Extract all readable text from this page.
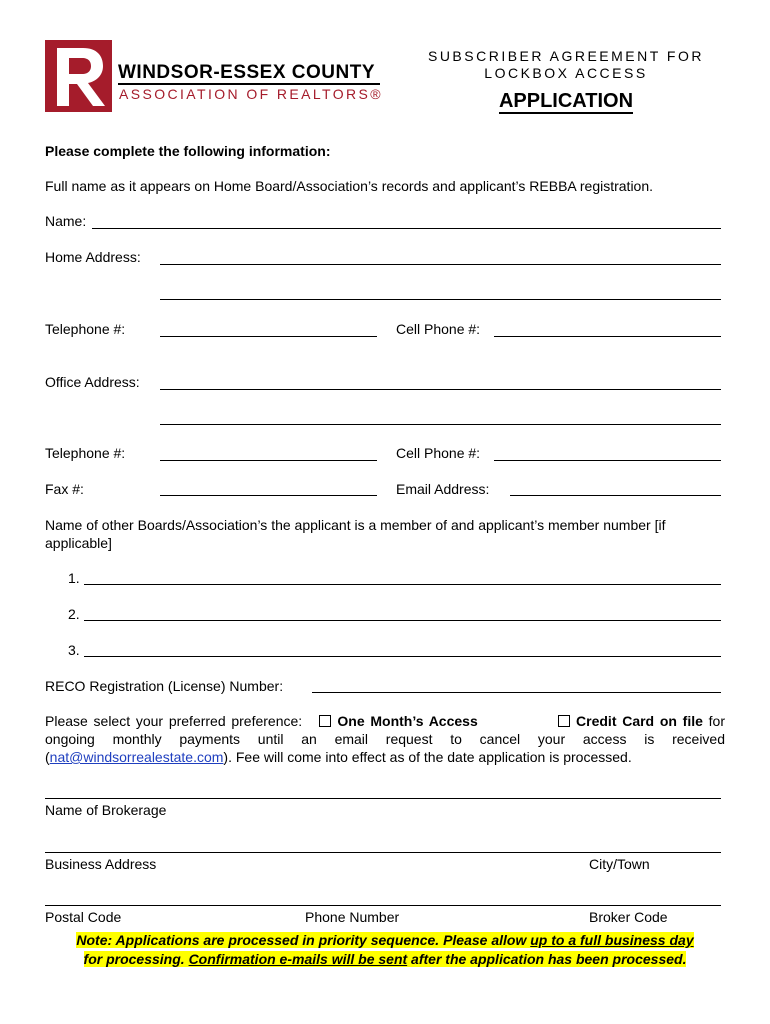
WINDSOR-ESSEX COUNTY
ASSOCIATION OF REALTORS®
SUBSCRIBER AGREEMENT FOR
LOCKBOX ACCESS
APPLICATION
Please complete the following information:
Full name as it appears on Home Board/Association’s records and applicant’s REBBA registration.
Name:
Home Address:
Telephone #:	Cell Phone #:
Office Address:
Telephone #:	Cell Phone #:
Fax #:	Email Address:
Name of other Boards/Association’s the applicant is a member of and applicant’s member number [if applicable]
1.
2.
3.
RECO Registration (License) Number:
Please select your preferred preference:	One Month’s Access	Credit Card on file for ongoing monthly payments until an email request to cancel your access is received (nat@windsorrealestate.com). Fee will come into effect as of the date application is processed.
Name of Brokerage
Business Address	City/Town
Postal Code	Phone Number	Broker Code
Note: Applications are processed in priority sequence. Please allow up to a full business day
for processing. Confirmation e-mails will be sent after the application has been processed.
